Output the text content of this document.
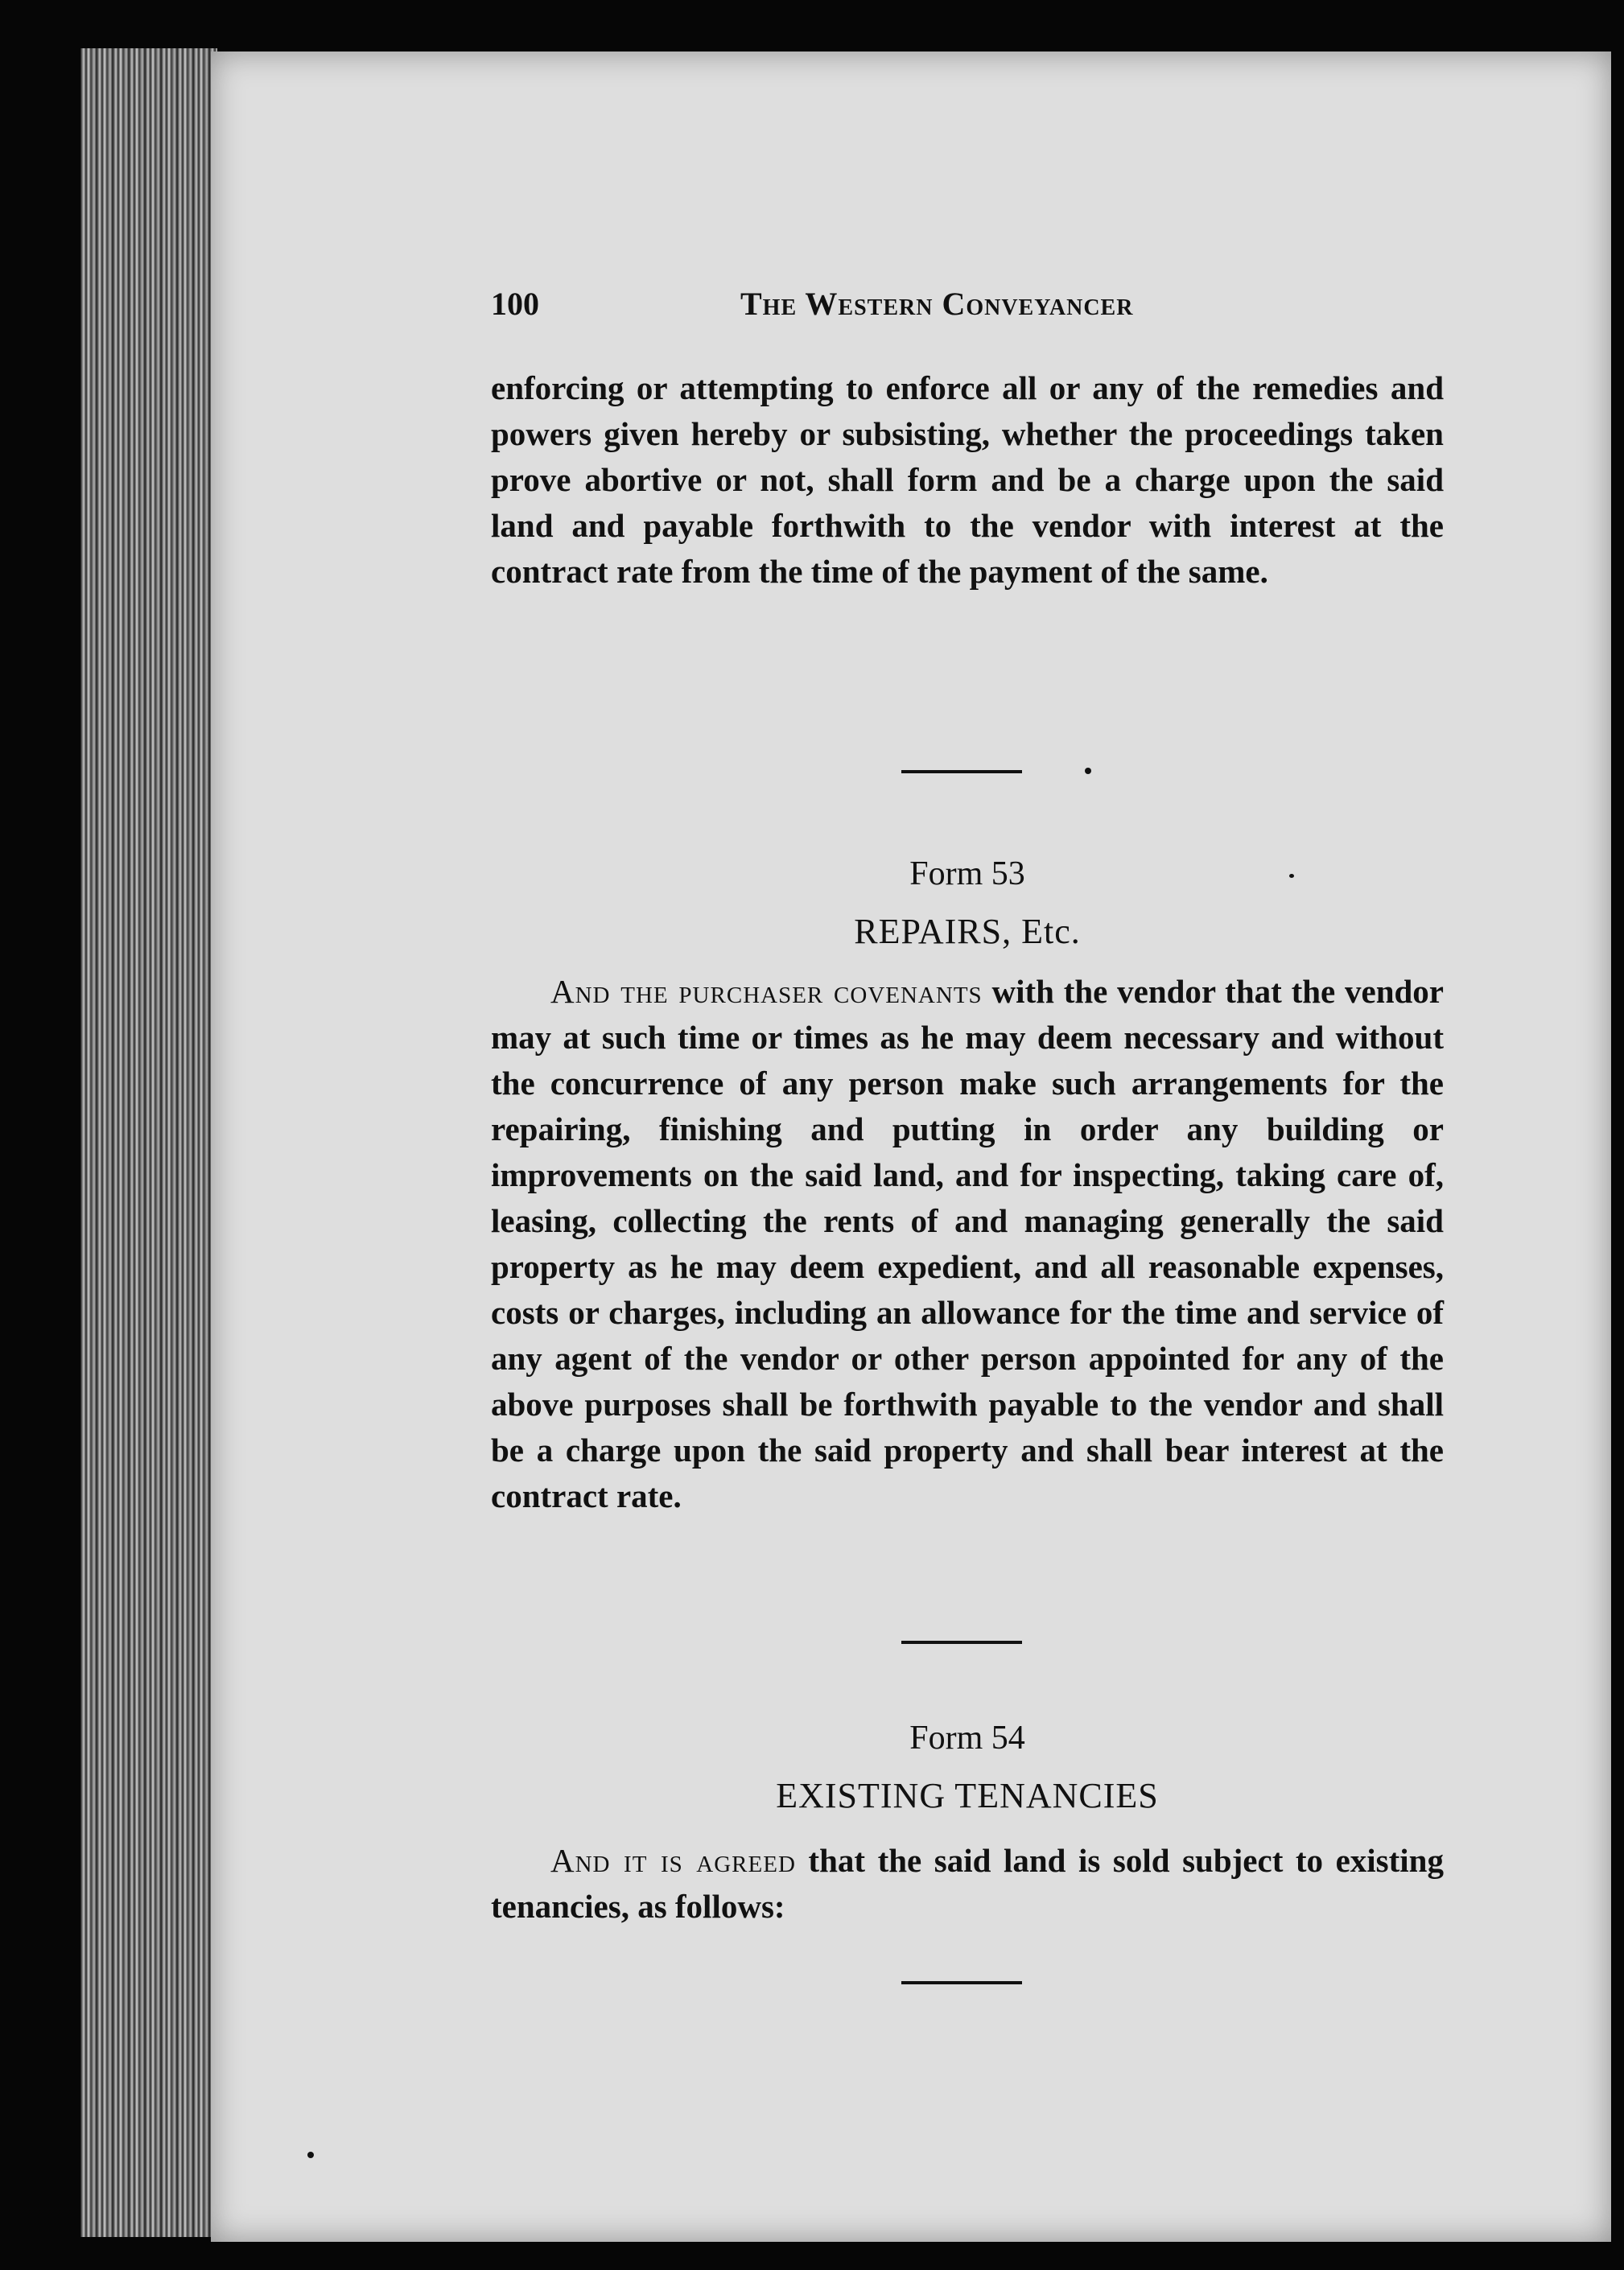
100	The Western Conveyancer

enforcing or attempting to enforce all or any of the remedies and powers given hereby or subsisting, whether the proceedings taken prove abortive or not, shall form and be a charge upon the said land and payable forthwith to the vendor with interest at the contract rate from the time of the payment of the same.

Form 53
REPAIRS, Etc.

And the purchaser covenants with the vendor that the vendor may at such time or times as he may deem necessary and without the concurrence of any person make such arrangements for the repairing, finishing and putting in order any building or improvements on the said land, and for inspecting, taking care of, leasing, collecting the rents of and managing generally the said property as he may deem expedient, and all reasonable expenses, costs or charges, including an allowance for the time and service of any agent of the vendor or other person appointed for any of the above purposes shall be forthwith payable to the vendor and shall be a charge upon the said property and shall bear interest at the contract rate.

Form 54
EXISTING TENANCIES

And it is agreed that the said land is sold subject to existing tenancies, as follows:
